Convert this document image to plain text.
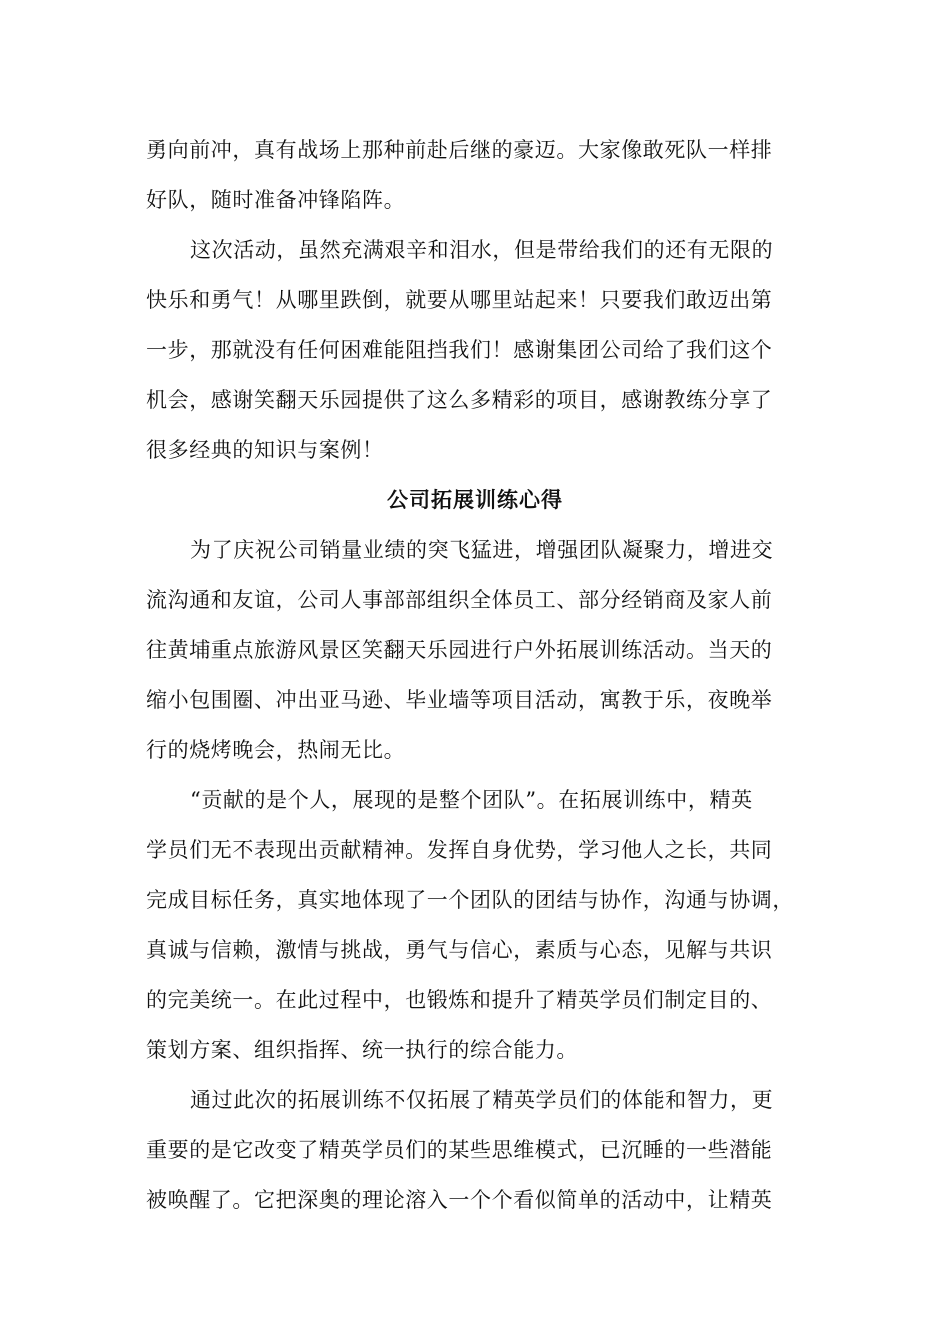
勇向前冲，真有战场上那种前赴后继的豪迈。大家像敢死队一样排
好队，随时准备冲锋陷阵。
这次活动，虽然充满艰辛和泪水，但是带给我们的还有无限的
快乐和勇气！从哪里跌倒，就要从哪里站起来！只要我们敢迈出第
一步，那就没有任何困难能阻挡我们！感谢集团公司给了我们这个
机会，感谢笑翻天乐园提供了这么多精彩的项目，感谢教练分享了
很多经典的知识与案例！
公司拓展训练心得
为了庆祝公司销量业绩的突飞猛进，增强团队凝聚力，增进交
流沟通和友谊，公司人事部部组织全体员工、部分经销商及家人前
往黄埔重点旅游风景区笑翻天乐园进行户外拓展训练活动。当天的
缩小包围圈、冲出亚马逊、毕业墙等项目活动，寓教于乐，夜晚举
行的烧烤晚会，热闹无比。
“贡献的是个人，展现的是整个团队”。在拓展训练中，精英
学员们无不表现出贡献精神。发挥自身优势，学习他人之长，共同
完成目标任务，真实地体现了一个团队的团结与协作，沟通与协调，
真诚与信赖，激情与挑战，勇气与信心，素质与心态，见解与共识
的完美统一。在此过程中，也锻炼和提升了精英学员们制定目的、
策划方案、组织指挥、统一执行的综合能力。
通过此次的拓展训练不仅拓展了精英学员们的体能和智力，更
重要的是它改变了精英学员们的某些思维模式，已沉睡的一些潜能
被唤醒了。它把深奥的理论溶入一个个看似简单的活动中，让精英
